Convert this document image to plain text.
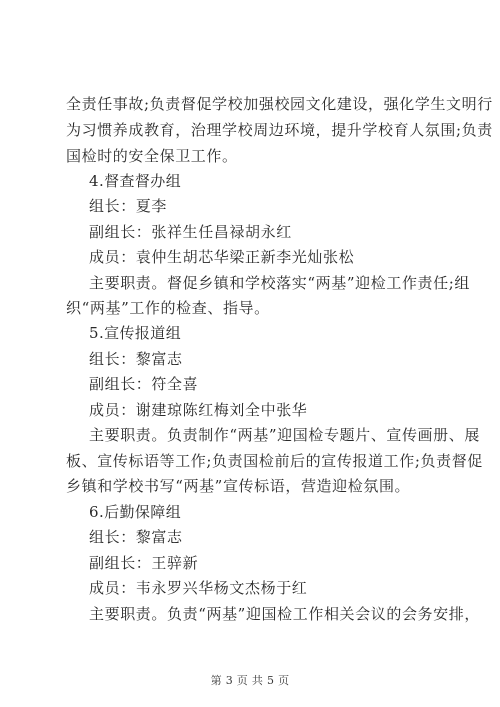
全责任事故;负责督促学校加强校园文化建设，强化学生文明行
为习惯养成教育，治理学校周边环境，提升学校育人氛围;负责
国检时的安全保卫工作。
4.督查督办组
组长：夏李
副组长：张祥生任昌禄胡永红
成员：袁仲生胡芯华梁正新李光灿张松
主要职责。督促乡镇和学校落实“两基”迎检工作责任;组
织“两基”工作的检查、指导。
5.宣传报道组
组长：黎富志
副组长：符全喜
成员：谢建琼陈红梅刘全中张华
主要职责。负责制作“两基”迎国检专题片、宣传画册、展
板、宣传标语等工作;负责国检前后的宣传报道工作;负责督促
乡镇和学校书写“两基”宣传标语，营造迎检氛围。
6.后勤保障组
组长：黎富志
副组长：王骍新
成员：韦永罗兴华杨文杰杨于红
主要职责。负责“两基”迎国检工作相关会议的会务安排，
第 3 页 共 5 页
